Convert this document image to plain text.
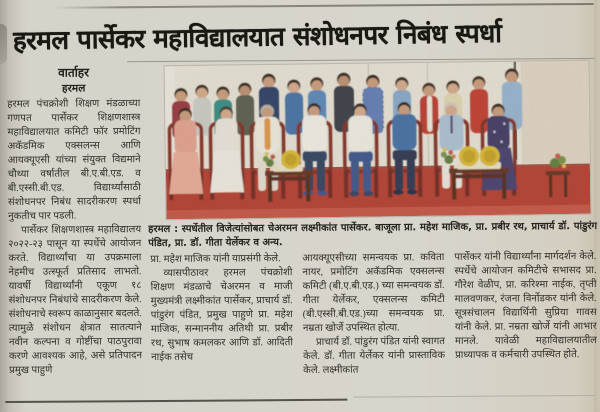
हरमल पार्सेकर महाविद्यालयात संशोधनपर निबंध स्पर्धा
वार्ताहर
हरमल

हरमल पंचक्रोशी शिक्षण मंडळाच्या गणपत पार्सेकर शिक्षणशास्त्र महाविद्यालयात कमिटी फॉर प्रमोटिंग अकॅडमिक एक्सलन्स आणि आयक्यूएसी यांच्या संयुक्त विद्यमाने चौथ्या वर्षातील बी.ए.बी.एड. व बी.एस्सी.बी.एड. विद्यार्थ्यांसाठी संशोधनपर निबंध सादरीकरण स्पर्धा नुकतीच पार पडली.

पार्सेकर शिक्षणशास्त्र महाविद्यालय २०२२-२३ पासून या स्पर्धेचे आयोजन करते. विद्यार्थ्यांचा या उपक्रमाला नेहमीच उत्स्फूर्त प्रतिसाद लाभतो. यावर्षी विद्यार्थ्यांनी एकूण १८ संशोधनपर निबंधांचे सादरीकरण केले. संशोधनाचे स्वरूप काळानुसार बदलते. त्यामुळे संशोधन क्षेत्रात सातत्याने नवीन कल्पना व गोष्टींचा पाठपुरावा करणे आवश्यक आहे, असे प्रतिपादन प्रमुख पाहुणे

हरमल : स्पर्धेतील विजेत्यांसोबत चेअरमन लक्ष्मीकांत पार्सेकर. बाजूला प्रा. महेश माजिक, प्रा. प्रबीर रथ, प्राचार्य डॉ. पांडुरंग पंडित, प्रा. डॉ. गीता येर्लेकर व अन्य.

प्रा. महेश माजिक यांनी याप्रसंगी केले.

व्यासपीठावर हरमल पंचक्रोशी शिक्षण मंडळाचे चेअरमन व माजी मुख्यमंत्री लक्ष्मीकांत पार्सेकर, प्राचार्य डॉ. पांडुरंग पंडित, प्रमुख पाहुणे प्रा. महेश माजिक, सन्माननीय अतिथी प्रा. प्रबीर रथ, सुभाष कमलकर आणि डॉ. आदिती नाईक तसेच

आयक्यूएसीच्या समन्वयक प्रा. कविता नायर, प्रमोटिंग अकॅडमिक एक्सलन्स कमिटी (बी.ए.बी.एड.) च्या समन्वयक डॉ. गीता येर्लेकर, एक्सलन्स कमिटी (बी.एस्सी.बी.एड.)च्या समन्वयक प्रा. नम्रता खोर्जे उपस्थित होत्या.

प्राचार्य डॉ. पांडुरंग पंडित यांनी स्वागत केले. डॉ. गीता येर्लेकर यांनी प्रास्ताविक केले. लक्ष्मीकांत

पार्सेकर यांनी विद्यार्थ्यांना मार्गदर्शन केले. स्पर्धेचे आयोजन कमिटीचे सभासद प्रा. गौरेश वेळीप, प्रा. करिश्मा नाईक, तृप्ती मालवणकर, रंजना विर्नोडकर यांनी केले. सूत्रसंचालन विद्यार्थिनी सुप्रिया गावस यांनी केले. प्रा. नम्रता खोर्जे यांनी आभार मानले. यावेळी महाविद्यालयातील प्राध्यापक व कर्मचारी उपस्थित होते.
